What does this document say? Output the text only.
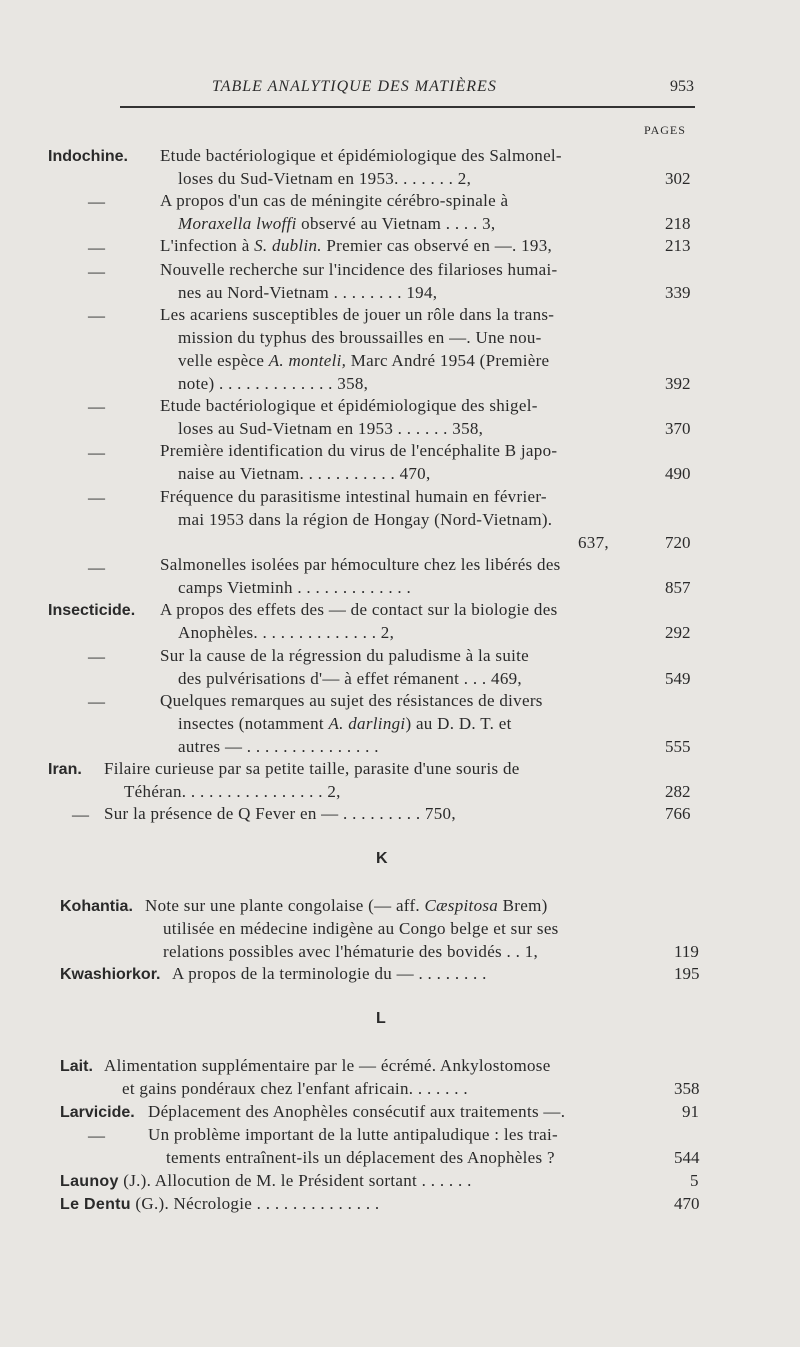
TABLE ANALYTIQUE DES MATIÈRES	953
PAGES
Indochine. Etude bactériologique et épidémiologique des Salmonel-
loses du Sud-Vietnam en 1953. . . . . . . 2,	302
—	A propos d'un cas de méningite cérébro-spinale à
Moraxella lwoffi observé au Vietnam . . . . 3,	218
—	L'infection à S. dublin. Premier cas observé en —. 193,	213
—	Nouvelle recherche sur l'incidence des filarioses humai-
nes au Nord-Vietnam . . . . . . . . 194,	339
—	Les acariens susceptibles de jouer un rôle dans la trans-
mission du typhus des broussailles en —. Une nou-
velle espèce A. monteli, Marc André 1954 (Première
note) . . . . . . . . . . . . . 358,	392
—	Etude bactériologique et épidémiologique des shigel-
loses au Sud-Vietnam en 1953 . . . . . . 358,	370
—	Première identification du virus de l'encéphalite B japo-
naise au Vietnam. . . . . . . . . . . 470,	490
—	Fréquence du parasitisme intestinal humain en février-
mai 1953 dans la région de Hongay (Nord-Vietnam).
637,	720
—	Salmonelles isolées par hémoculture chez les libérés des
camps Vietminh . . . . . . . . . . . . .	857
Insecticide. A propos des effets des — de contact sur la biologie des
Anophèles. . . . . . . . . . . . . . 2,	292
—	Sur la cause de la régression du paludisme à la suite
des pulvérisations d'— à effet rémanent . . . 469,	549
—	Quelques remarques au sujet des résistances de divers
insectes (notamment A. darlingi) au D. D. T. et
autres — . . . . . . . . . . . . . . .	555
Iran. Filaire curieuse par sa petite taille, parasite d'une souris de
Téhéran. . . . . . . . . . . . . . . . 2,	282
— Sur la présence de Q Fever en — . . . . . . . . . 750,	766
K
Kohantia. Note sur une plante congolaise (— aff. Cæspitosa Brem)
utilisée en médecine indigène au Congo belge et sur ses
relations possibles avec l'hématurie des bovidés . . 1,	119
Kwashiorkor. A propos de la terminologie du — . . . . . . . .	195
L
Lait. Alimentation supplémentaire par le — écrémé. Ankylostomose
et gains pondéraux chez l'enfant africain. . . . . . .	358
Larvicide. Déplacement des Anophèles consécutif aux traitements —.	91
—	Un problème important de la lutte antipaludique : les trai-
tements entraînent-ils un déplacement des Anophèles ?	544
Launoy (J.). Allocution de M. le Président sortant . . . . . .	5
Le Dentu (G.). Nécrologie . . . . . . . . . . . . . .	470
